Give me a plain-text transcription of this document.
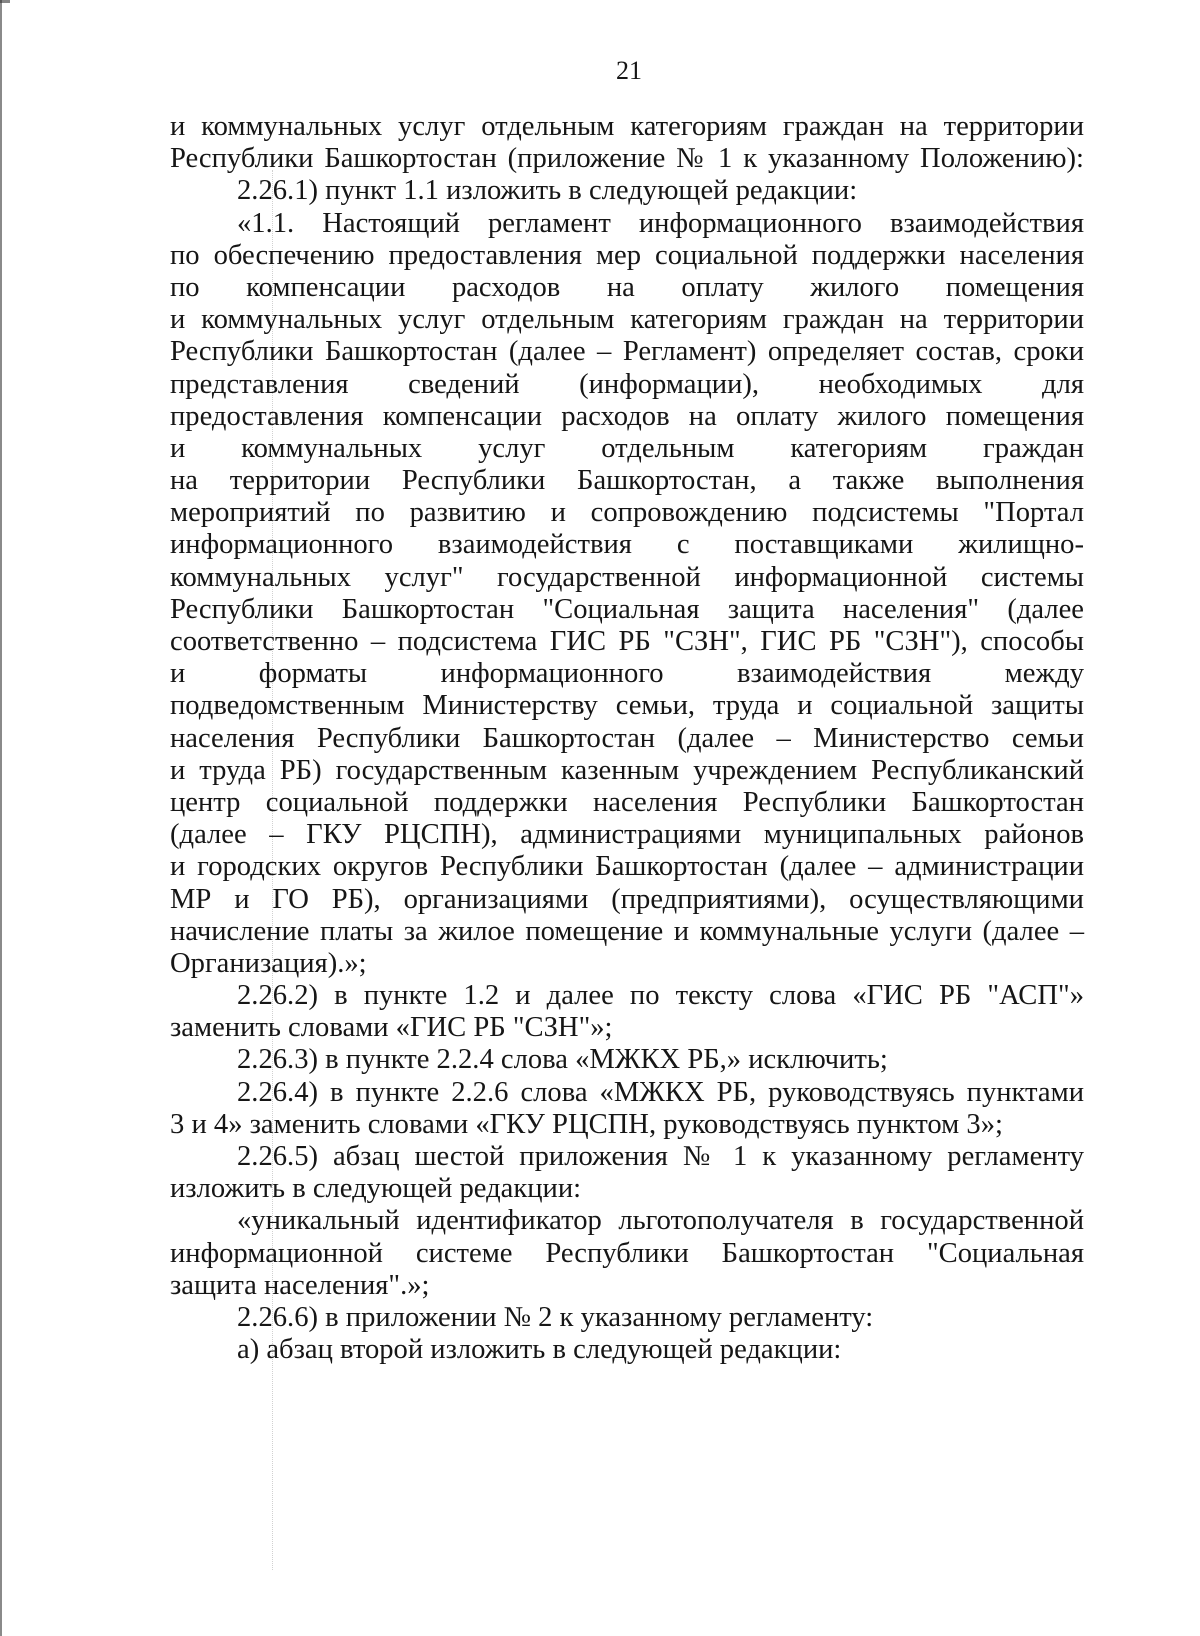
21
и коммунальных услуг отдельным категориям граждан на территории
Республики Башкортостан (приложение № 1 к указанному Положению):
2.26.1) пункт 1.1 изложить в следующей редакции:
«1.1. Настоящий регламент информационного взаимодействия
по обеспечению предоставления мер социальной поддержки населения
по компенсации расходов на оплату жилого помещения
и коммунальных услуг отдельным категориям граждан на территории
Республики Башкортостан (далее – Регламент) определяет состав, сроки
представления сведений (информации), необходимых для
предоставления компенсации расходов на оплату жилого помещения
и коммунальных услуг отдельным категориям граждан
на территории Республики Башкортостан, а также выполнения
мероприятий по развитию и сопровождению подсистемы "Портал
информационного взаимодействия с поставщиками жилищно-
коммунальных услуг" государственной информационной системы
Республики Башкортостан "Социальная защита населения" (далее
соответственно – подсистема ГИС РБ "СЗН", ГИС РБ "СЗН"), способы
и форматы информационного взаимодействия между
подведомственным Министерству семьи, труда и социальной защиты
населения Республики Башкортостан (далее – Министерство семьи
и труда РБ) государственным казенным учреждением Республиканский
центр социальной поддержки населения Республики Башкортостан
(далее – ГКУ РЦСПН), администрациями муниципальных районов
и городских округов Республики Башкортостан (далее – администрации
МР и ГО РБ), организациями (предприятиями), осуществляющими
начисление платы за жилое помещение и коммунальные услуги (далее –
Организация).»;
2.26.2) в пункте 1.2 и далее по тексту слова «ГИС РБ "АСП"»
заменить словами «ГИС РБ "СЗН"»;
2.26.3) в пункте 2.2.4 слова «МЖКХ РБ,» исключить;
2.26.4) в пункте 2.2.6 слова «МЖКХ РБ, руководствуясь пунктами
3 и 4» заменить словами «ГКУ РЦСПН, руководствуясь пунктом 3»;
2.26.5) абзац шестой приложения № 1 к указанному регламенту
изложить в следующей редакции:
«уникальный идентификатор льготополучателя в государственной
информационной системе Республики Башкортостан "Социальная
защита населения".»;
2.26.6) в приложении № 2 к указанному регламенту:
а) абзац второй изложить в следующей редакции:
